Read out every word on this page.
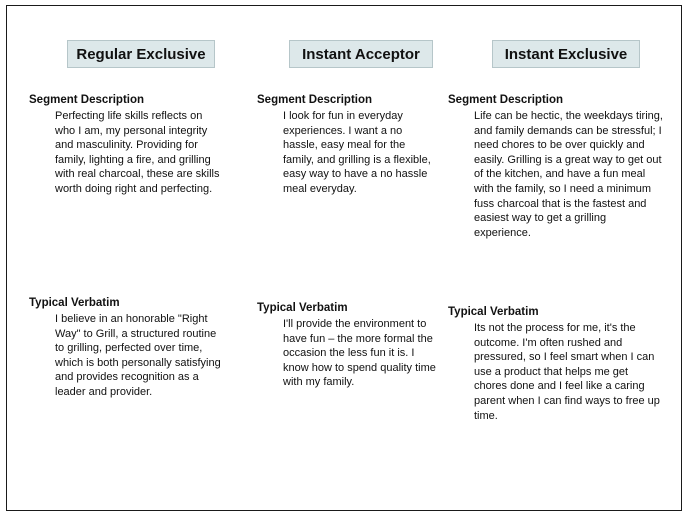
Regular Exclusive
Segment Description
Perfecting life skills reflects on who I am, my personal integrity and masculinity. Providing for family, lighting a fire, and grilling with real charcoal, these are skills worth doing right and perfecting.
Typical Verbatim
I believe in an honorable "Right Way" to Grill, a structured routine to grilling, perfected over time, which is both personally satisfying and provides recognition as a leader and provider.
Instant Acceptor
Segment Description
I look for fun in everyday experiences. I want a no hassle, easy meal for the family, and grilling is a flexible, easy way to have a no hassle meal everyday.
Typical Verbatim
I'll provide the environment to have fun – the more formal the occasion the less fun it is. I know how to spend quality time with my family.
Instant Exclusive
Segment Description
Life can be hectic, the weekdays tiring, and family demands can be stressful; I need chores to be over quickly and easily. Grilling is a great way to get out of the kitchen, and have a fun meal with the family, so I need a minimum fuss charcoal that is the fastest and easiest way to get a grilling experience.
Typical Verbatim
Its not the process for me, it's the outcome. I'm often rushed and pressured, so I feel smart when I can use a product that helps me get chores done and I feel like a caring parent when I can find ways to free up time.
